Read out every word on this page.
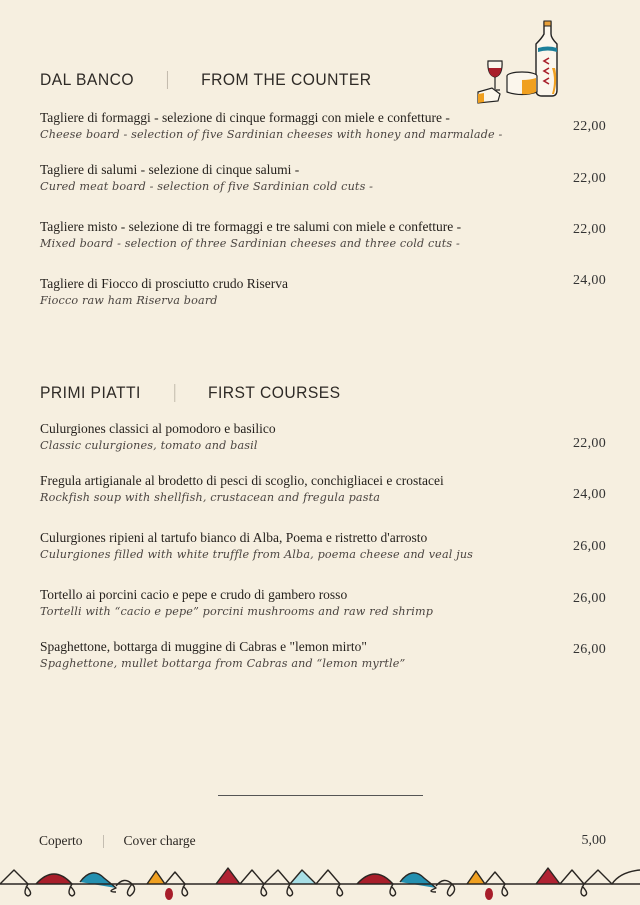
DAL BANCO	FROM THE COUNTER
Tagliere di formaggi - selezione di cinque formaggi con miele e confetture -
Cheese board - selection of five Sardinian cheeses with honey and marmalade -
22,00
Tagliere di salumi - selezione di cinque salumi -
Cured meat board - selection of five Sardinian cold cuts -
22,00
Tagliere misto - selezione di tre formaggi e tre salumi con miele e confetture -
Mixed board - selection of three Sardinian cheeses and three cold cuts -
22,00
Tagliere di Fiocco di prosciutto crudo Riserva
Fiocco raw ham Riserva board
24,00
PRIMI PIATTI	FIRST COURSES
Culurgiones classici al pomodoro e basilico
Classic culurgiones, tomato and basil	22,00
Fregula artigianale al brodetto di pesci di scoglio, conchigliacei e crostacei
Rockfish soup with shellfish, crustacean and fregula pasta	24,00
Culurgiones ripieni al tartufo bianco di Alba, Poema e ristretto d'arrosto
Culurgiones filled with white truffle from Alba, poema cheese and veal jus
26,00
Tortello ai porcini cacio e pepe e crudo di gambero rosso
Tortelli with “cacio e pepe” porcini mushrooms and raw red shrimp
26,00
Spaghettone, bottarga di muggine di Cabras e "lemon mirto"
Spaghettone, mullet bottarga from Cabras and “lemon myrtle”
26,00
Coperto	Cover charge	5,00
